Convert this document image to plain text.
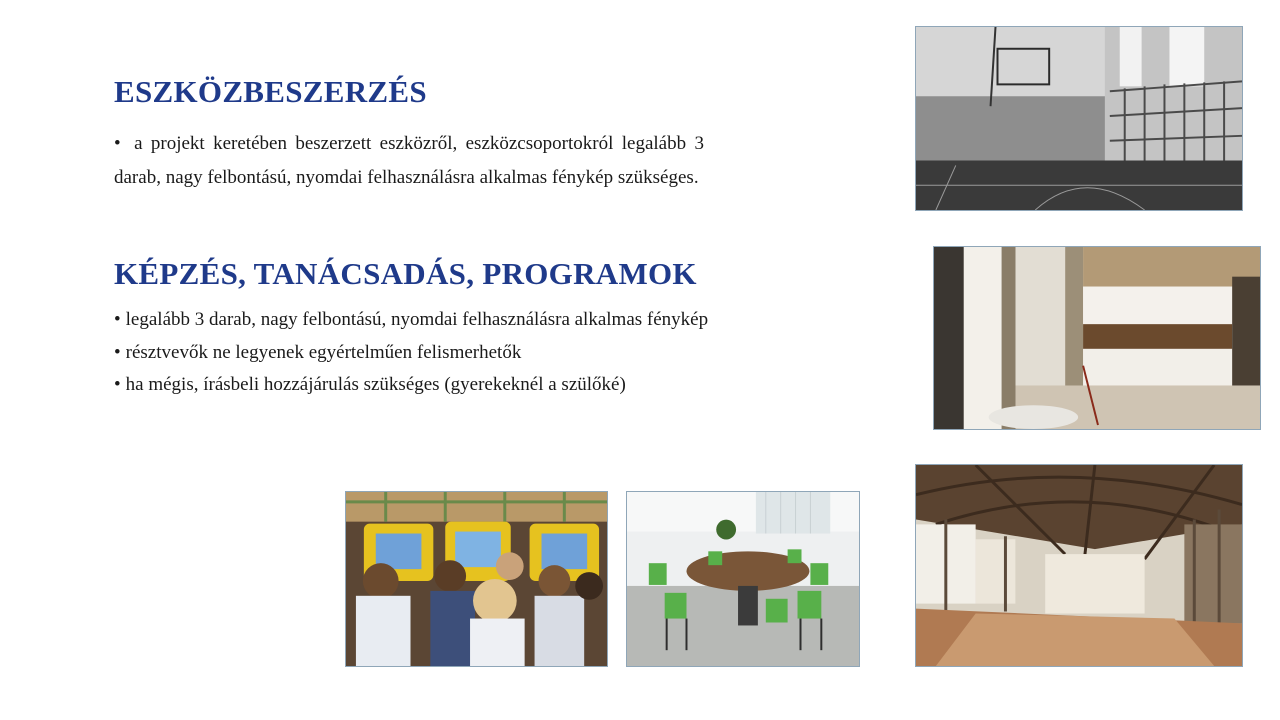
ESZKÖZBESZERZÉS

• a projekt keretében beszerzett eszközről, eszközcsoportokról legalább 3 darab, nagy felbontású, nyomdai felhasználásra alkalmas fénykép szükséges.

KÉPZÉS, TANÁCSADÁS, PROGRAMOK
• legalább 3 darab, nagy felbontású, nyomdai felhasználásra alkalmas fénykép
• résztvevők ne legyenek egyértelműen felismerhetők
• ha mégis, írásbeli hozzájárulás szükséges (gyerekeknél a szülőké)
